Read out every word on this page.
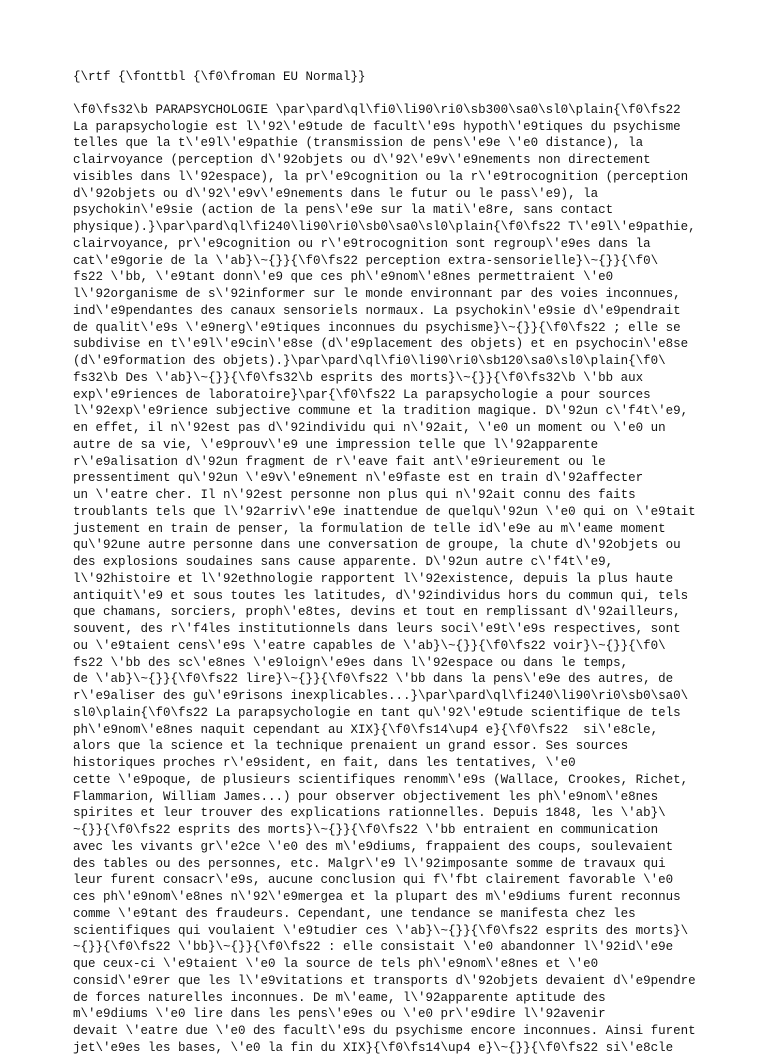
{\rtf {\fonttbl {\f0\froman EU Normal}}
\f0\fs32\b PARAPSYCHOLOGIE \par\pard\ql\fi0\li90\ri0\sb300\sa0\sl0\plain{\f0\fs22
La parapsychologie est l\'92\'e9tude de facult\'e9s hypoth\'e9tiques du psychisme
telles que la t\'e9l\'e9pathie (transmission de pens\'e9e \'e0 distance), la
clairvoyance (perception d\'92objets ou d\'92\'e9v\'e9nements non directement
visibles dans l\'92espace), la pr\'e9cognition ou la r\'e9trocognition (perception
d\'92objets ou d\'92\'e9v\'e9nements dans le futur ou le pass\'e9), la
psychokin\'e9sie (action de la pens\'e9e sur la mati\'e8re, sans contact
physique).}\par\pard\ql\fi240\li90\ri0\sb0\sa0\sl0\plain{\f0\fs22 T\'e9l\'e9pathie,
clairvoyance, pr\'e9cognition ou r\'e9trocognition sont regroup\'e9es dans la
cat\'e9gorie de la \'ab}\~{}}{\f0\fs22 perception extra-sensorielle}\~{}}{\f0\
fs22 \'bb, \'e9tant donn\'e9 que ces ph\'e9nom\'e8nes permettraient \'e0
l\'92organisme de s\'92informer sur le monde environnant par des voies inconnues,
ind\'e9pendantes des canaux sensoriels normaux. La psychokin\'e9sie d\'e9pendrait
de qualit\'e9s \'e9nerg\'e9tiques inconnues du psychisme}\~{}}{\f0\fs22 ; elle se
subdivise en t\'e9l\'e9cin\'e8se (d\'e9placement des objets) et en psychocin\'e8se
(d\'e9formation des objets).}\par\pard\ql\fi0\li90\ri0\sb120\sa0\sl0\plain{\f0\
fs32\b Des \'ab}\~{}}{\f0\fs32\b esprits des morts}\~{}}{\f0\fs32\b \'bb aux
exp\'e9riences de laboratoire}\par{\f0\fs22 La parapsychologie a pour sources
l\'92exp\'e9rience subjective commune et la tradition magique. D\'92un c\'f4t\'e9,
en effet, il n\'92est pas d\'92individu qui n\'92ait, \'e0 un moment ou \'e0 un
autre de sa vie, \'e9prouv\'e9 une impression telle que l\'92apparente
r\'e9alisation d\'92un fragment de r\'eave fait ant\'e9rieurement ou le
pressentiment qu\'92un \'e9v\'e9nement n\'e9faste est en train d\'92affecter
un \'eatre cher. Il n\'92est personne non plus qui n\'92ait connu des faits
troublants tels que l\'92arriv\'e9e inattendue de quelqu\'92un \'e0 qui on \'e9tait
justement en train de penser, la formulation de telle id\'e9e au m\'eame moment
qu\'92une autre personne dans une conversation de groupe, la chute d\'92objets ou
des explosions soudaines sans cause apparente. D\'92un autre c\'f4t\'e9,
l\'92histoire et l\'92ethnologie rapportent l\'92existence, depuis la plus haute
antiquit\'e9 et sous toutes les latitudes, d\'92individus hors du commun qui, tels
que chamans, sorciers, proph\'e8tes, devins et tout en remplissant d\'92ailleurs,
souvent, des r\'f4les institutionnels dans leurs soci\'e9t\'e9s respectives, sont
ou \'e9taient cens\'e9s \'eatre capables de \'ab}\~{}}{\f0\fs22 voir}\~{}}{\f0\
fs22 \'bb des sc\'e8nes \'e9loign\'e9es dans l\'92espace ou dans le temps,
de \'ab}\~{}}{\f0\fs22 lire}\~{}}{\f0\fs22 \'bb dans la pens\'e9e des autres, de
r\'e9aliser des gu\'e9risons inexplicables...}\par\pard\ql\fi240\li90\ri0\sb0\sa0\
sl0\plain{\f0\fs22 La parapsychologie en tant qu\'92\'e9tude scientifique de tels
ph\'e9nom\'e8nes naquit cependant au XIX}{\f0\fs14\up4 e}{\f0\fs22  si\'e8cle,
alors que la science et la technique prenaient un grand essor. Ses sources
historiques proches r\'e9sident, en fait, dans les tentatives, \'e0
cette \'e9poque, de plusieurs scientifiques renomm\'e9s (Wallace, Crookes, Richet,
Flammarion, William James...) pour observer objectivement les ph\'e9nom\'e8nes
spirites et leur trouver des explications rationnelles. Depuis 1848, les \'ab}\
~{}}{\f0\fs22 esprits des morts}\~{}}{\f0\fs22 \'bb entraient en communication
avec les vivants gr\'e2ce \'e0 des m\'e9diums, frappaient des coups, soulevaient
des tables ou des personnes, etc. Malgr\'e9 l\'92imposante somme de travaux qui
leur furent consacr\'e9s, aucune conclusion qui f\'fbt clairement favorable \'e0
ces ph\'e9nom\'e8nes n\'92\'e9mergea et la plupart des m\'e9diums furent reconnus
comme \'e9tant des fraudeurs. Cependant, une tendance se manifesta chez les
scientifiques qui voulaient \'e9tudier ces \'ab}\~{}}{\f0\fs22 esprits des morts}\
~{}}{\f0\fs22 \'bb}\~{}}{\f0\fs22 : elle consistait \'e0 abandonner l\'92id\'e9e
que ceux-ci \'e9taient \'e0 la source de tels ph\'e9nom\'e8nes et \'e0
consid\'e9rer que les l\'e9vitations et transports d\'92objets devaient d\'e9pendre
de forces naturelles inconnues. De m\'eame, l\'92apparente aptitude des
m\'e9diums \'e0 lire dans les pens\'e9es ou \'e0 pr\'e9dire l\'92avenir
devait \'eatre due \'e0 des facult\'e9s du psychisme encore inconnues. Ainsi furent
jet\'e9es les bases, \'e0 la fin du XIX}{\f0\fs14\up4 e}\~{}}{\f0\fs22 si\'e8cle
